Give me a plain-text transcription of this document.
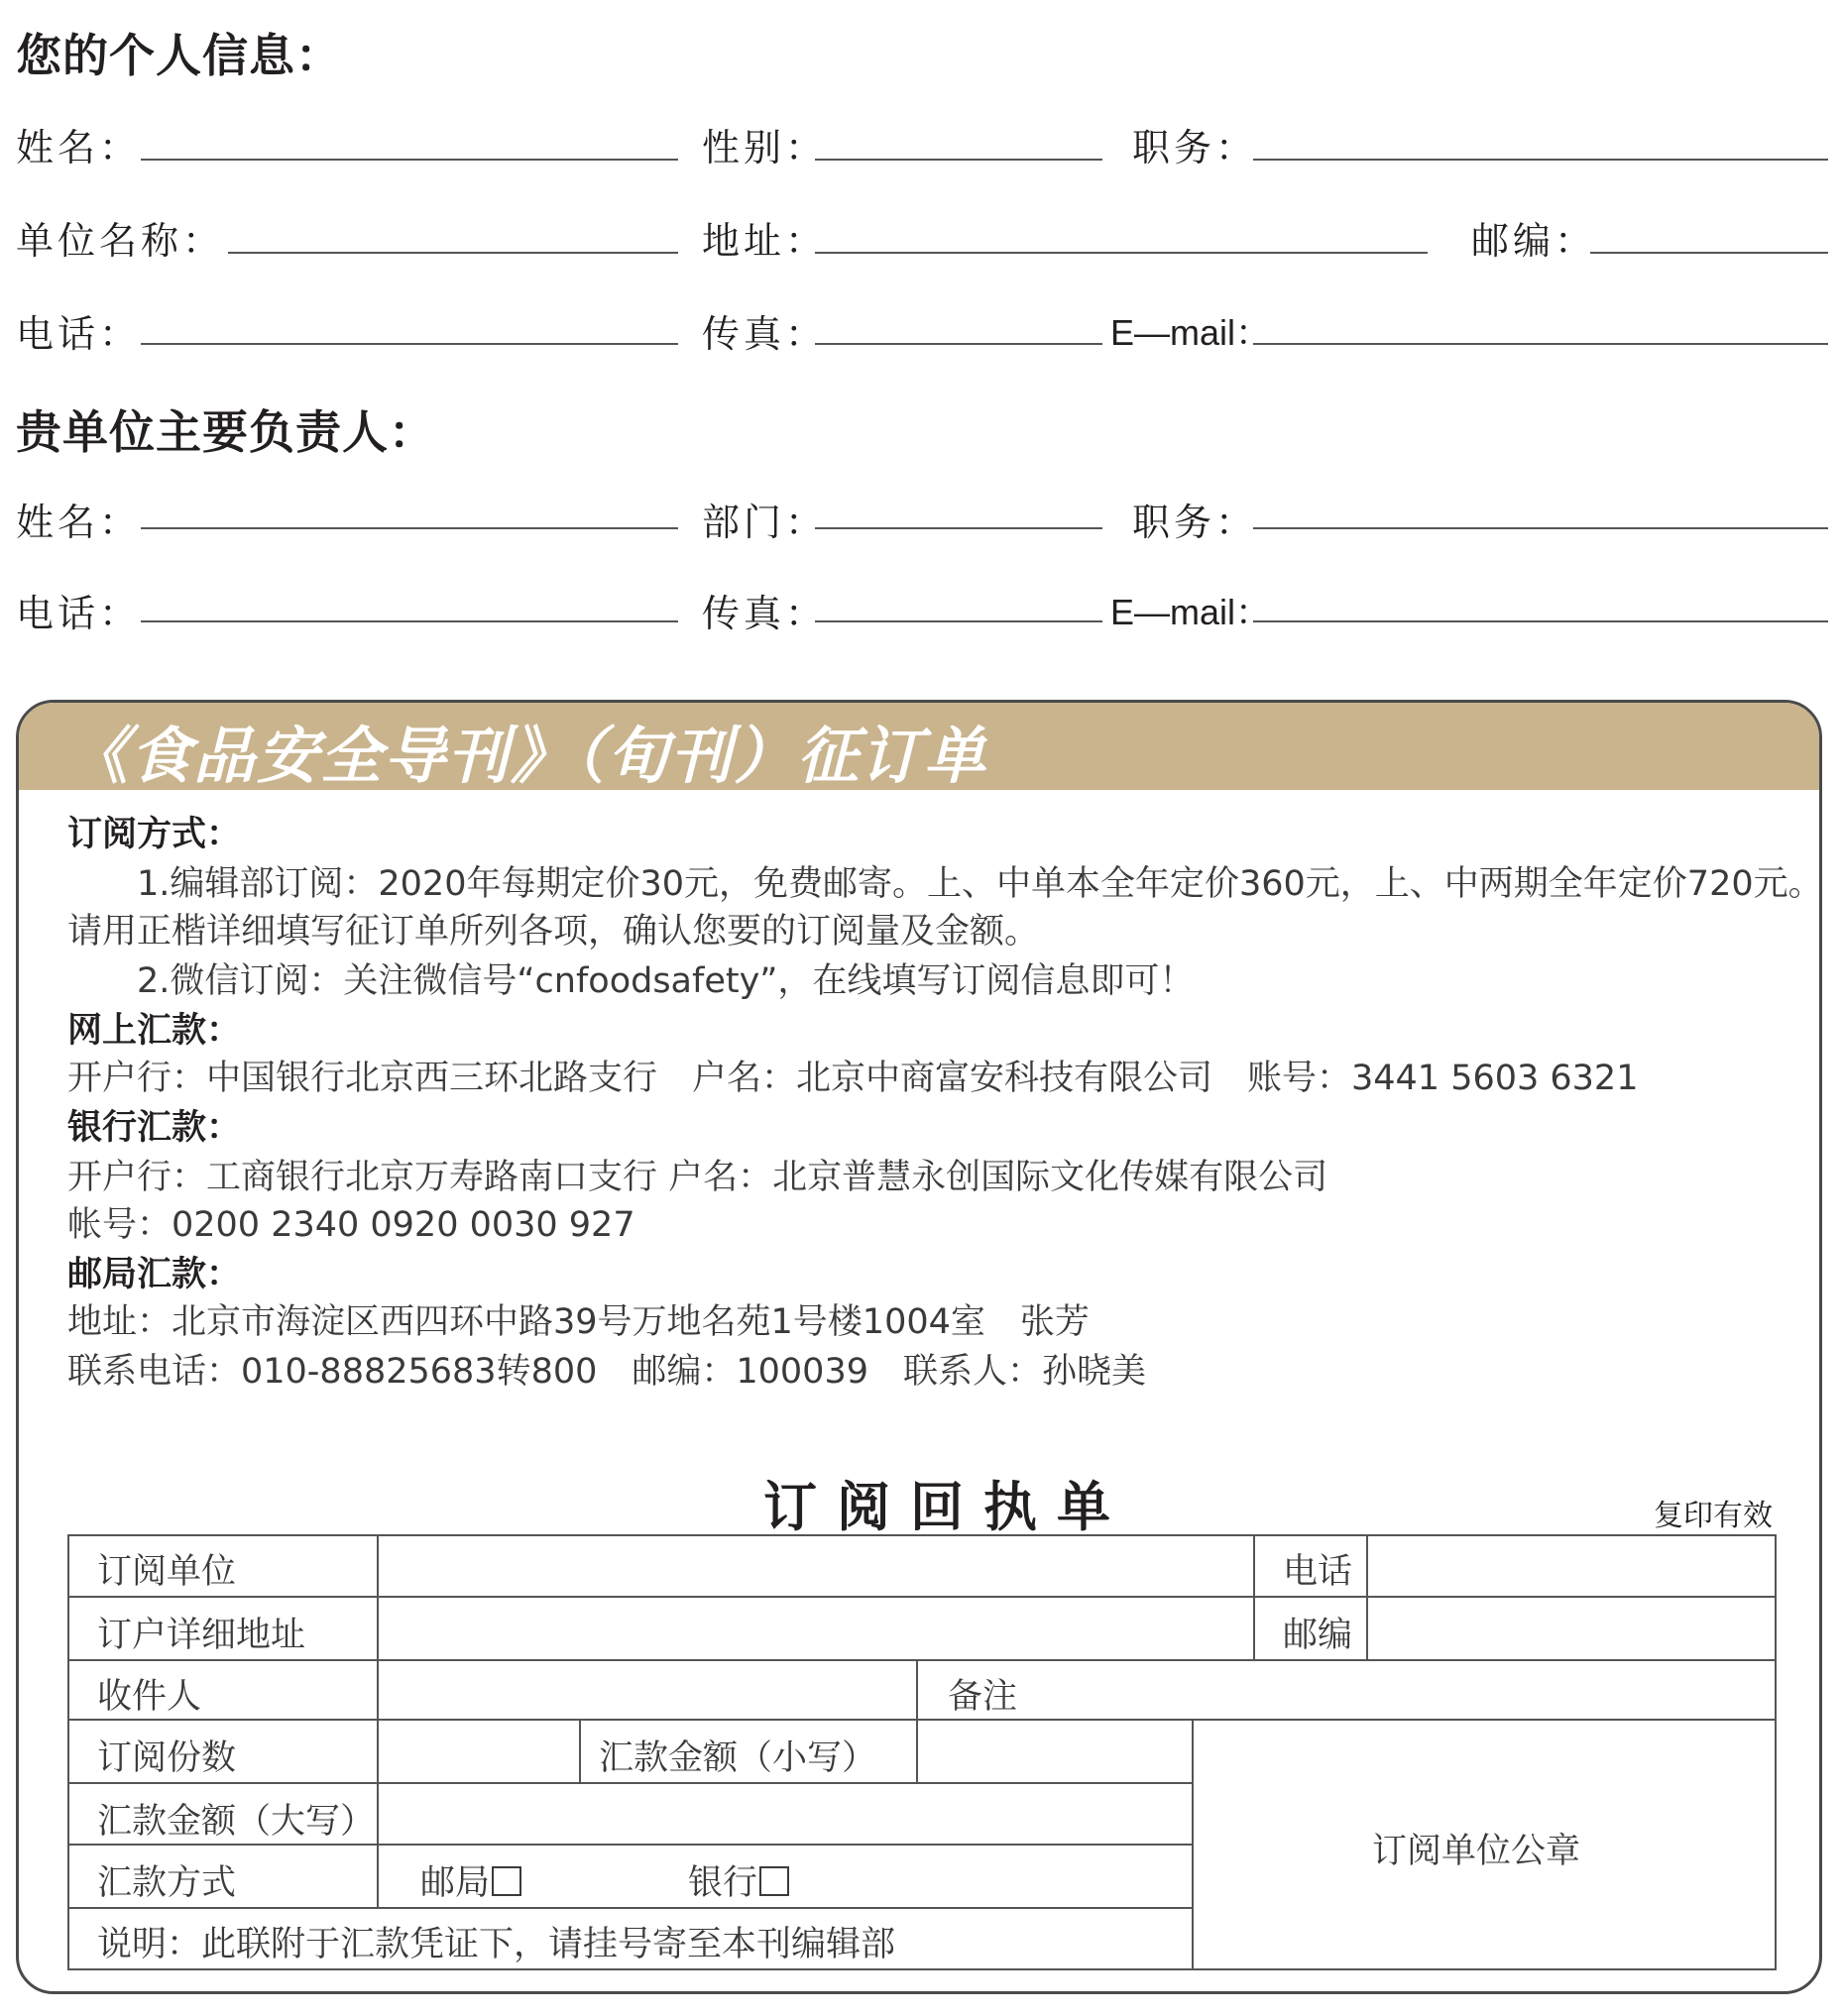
您的个人信息：
姓名：	性别：	职务：
单位名称：	地址：	邮编：
电话：	传真：	E—mail：
贵单位主要负责人：
姓名：	部门：	职务：
电话：	传真：	E—mail：
《食品安全导刊》（旬刊）征订单
订阅方式：
1.编辑部订阅：2020年每期定价30元，免费邮寄。上、中单本全年定价360元，上、中两期全年定价720元。
请用正楷详细填写征订单所列各项，确认您要的订阅量及金额。
2.微信订阅：关注微信号“cnfoodsafety”，在线填写订阅信息即可！
网上汇款：
开户行：中国银行北京西三环北路支行　户名：北京中商富安科技有限公司　账号：3441 5603 6321
银行汇款：
开户行：工商银行北京万寿路南口支行 户名：北京普慧永创国际文化传媒有限公司
帐号：0200 2340 0920 0030 927
邮局汇款：
地址：北京市海淀区西四环中路39号万地名苑1号楼1004室　张芳
联系电话：010-88825683转800　邮编：100039　联系人：孙晓美
订阅回执单	复印有效
订阅单位	电话
订户详细地址	邮编
收件人	备注
订阅份数	汇款金额（小写）
汇款金额（大写）
汇款方式	邮局	银行
说明：此联附于汇款凭证下，请挂号寄至本刊编辑部
订阅单位公章
